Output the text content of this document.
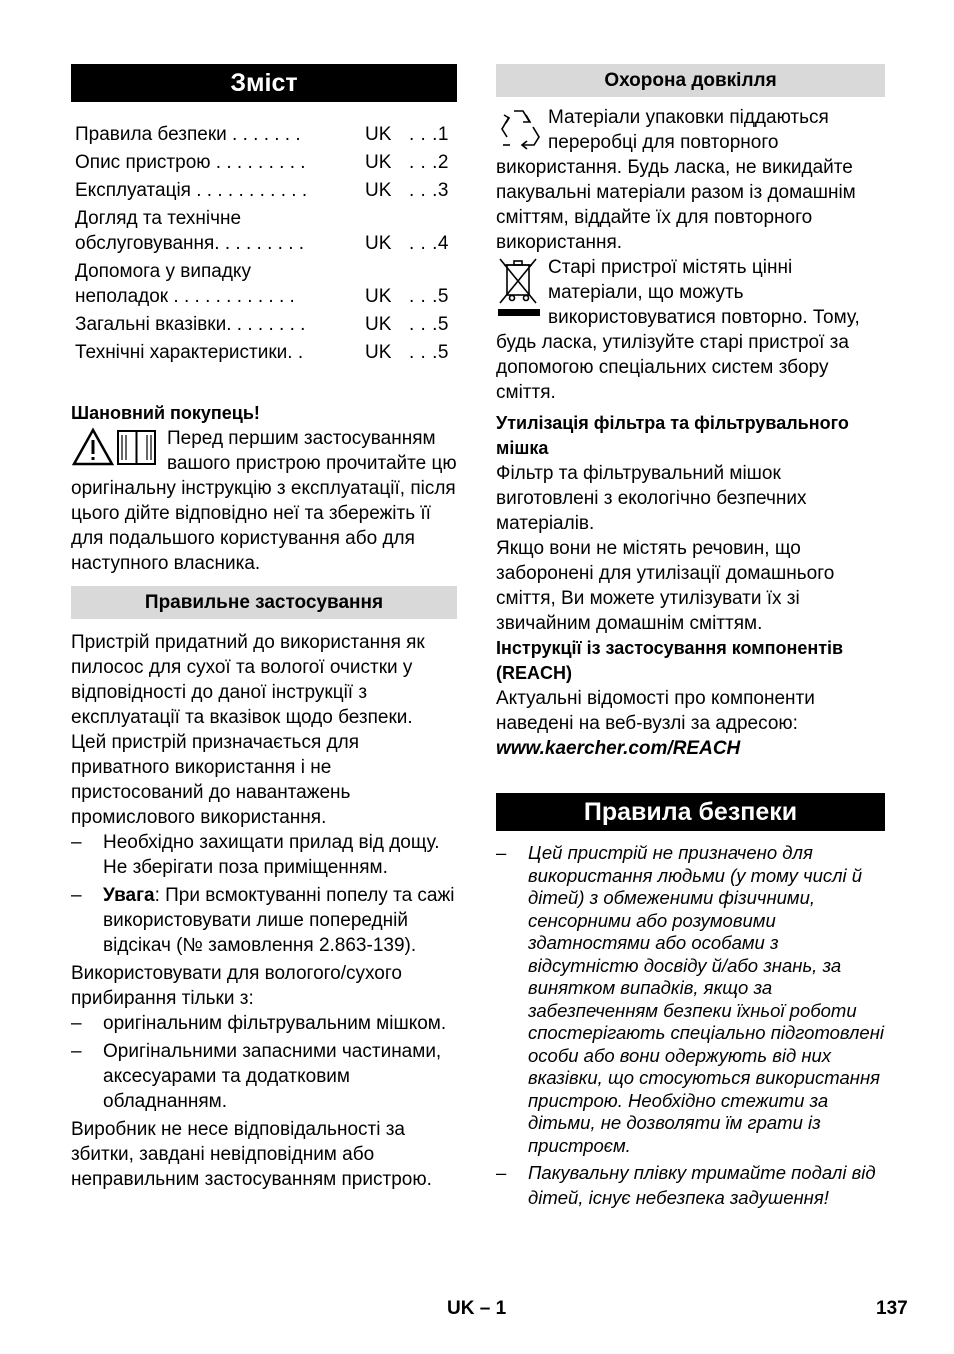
Зміст
Правила безпеки . . . . . . .	UK . . .1
Опис пристрою . . . . . . . . .	UK . . .2
Експлуатація . . . . . . . . . . .	UK . . .3
Догляд та технічне
обслуговування. . . . . . . . .	UK . . .4
Допомога у випадку
неполадок . . . . . . . . . . . .	UK . . .5
Загальні вказівки. . . . . . . .	UK . . .5
Технічні характеристики. .	UK . . .5
Шановний покупець!

Перед першим застосуванням вашого пристрою прочитайте цю оригінальну інструкцію з експлуатації, після цього дійте відповідно неї та збережіть її для подальшого користування або для наступного власника.

Правильне застосування

Пристрій придатний до використання як пилосос для сухої та вологої очистки у відповідності до даної інструкції з експлуатації та вказівок щодо безпеки.

Цей пристрій призначається для приватного використання і не пристосований до навантажень промислового використання.

–	Необхідно захищати прилад від дощу. Не зберігати поза приміщенням.
–	Увага: При всмоктуванні попелу та сажі використовувати лише попередній відсікач (№ замовлення 2.863-139).

Використовувати для вологого/сухого прибирання тільки з:

–	оригінальним фільтрувальним мішком.
–	Оригінальними запасними частинами, аксесуарами та додатковим обладнанням.

Виробник не несе відповідальності за збитки, завдані невідповідним або неправильним застосуванням пристрою.

Охорона довкілля

Матеріали упаковки піддаються переробці для повторного використання. Будь ласка, не викидайте пакувальні матеріали разом із домашнім сміттям, віддайте їх для повторного використання.

Старі пристрої містять цінні матеріали, що можуть використовуватися повторно. Тому, будь ласка, утилізуйте старі пристрої за допомогою спеціальних систем збору сміття.

Утилізація фільтра та фільтрувального мішка

Фільтр та фільтрувальний мішок виготовлені з екологічно безпечних матеріалів.

Якщо вони не містять речовин, що заборонені для утилізації домашнього сміття, Ви можете утилізувати їх зі звичайним домашнім сміттям.

Інструкції із застосування компонентів (REACH)

Актуальні відомості про компоненти наведені на веб-вузлі за адресою:

www.kaercher.com/REACH

Правила безпеки
–	Цей пристрій не призначено для використання людьми (у тому числі й дітей) з обмеженими фізичними, сенсорними або розумовими здатностями або особами з відсутністю досвіду й/або знань, за винятком випадків, якщо за забезпеченням безпеки їхньої роботи спостерігають спеціально підготовлені особи або вони одержують від них вказівки, що стосуються використання пристрою. Необхідно стежити за дітьми, не дозволяти їм грати із пристроєм.
–	Пакувальну плівку тримайте подалі від дітей, існує небезпека задушення!
UK – 1	137
